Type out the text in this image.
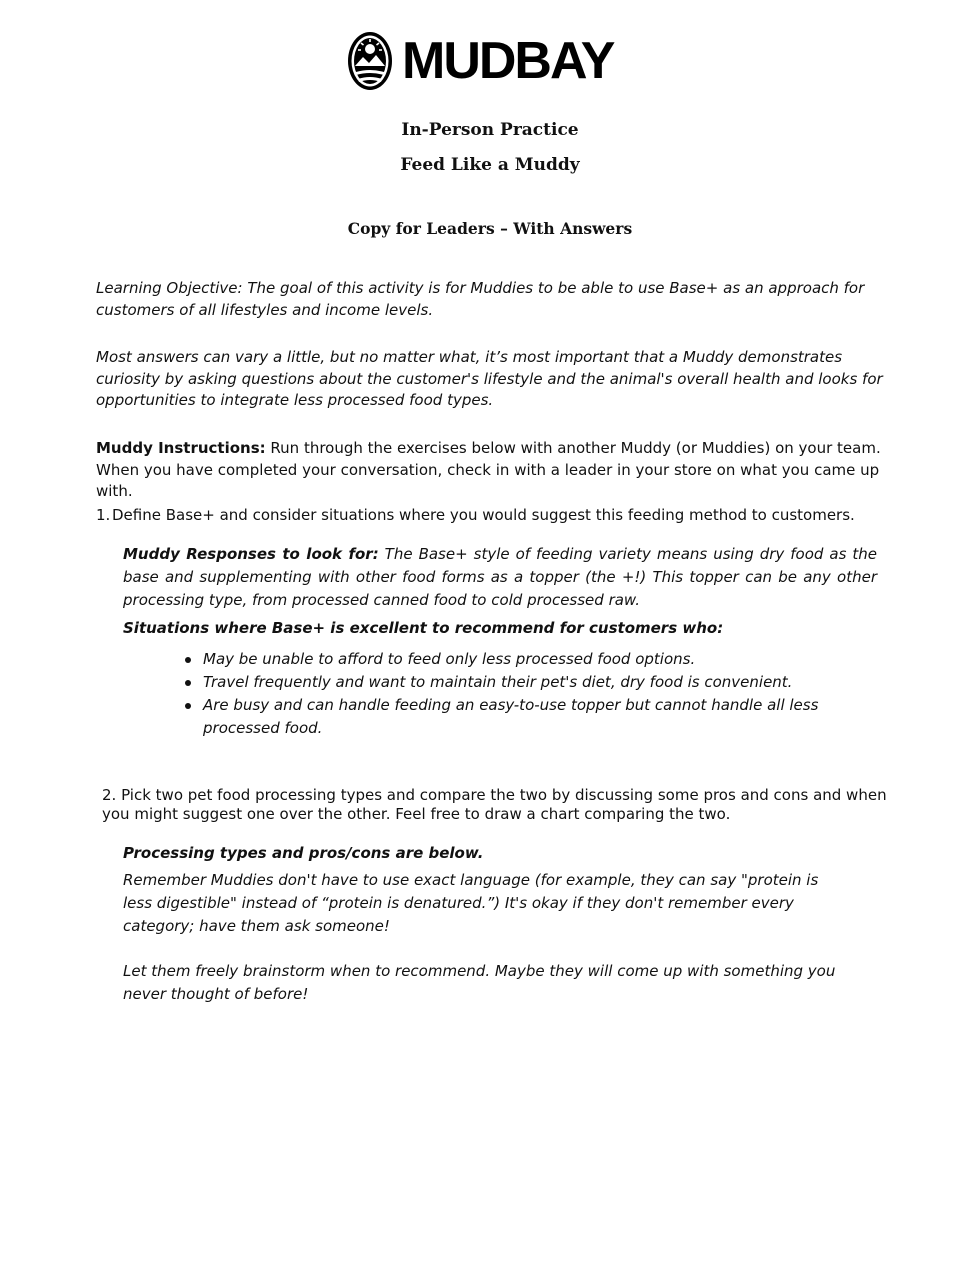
MUDBAY
In-Person Practice
Feed Like a Muddy
Copy for Leaders – With Answers
Learning Objective: The goal of this activity is for Muddies to be able to use Base+ as an approach for customers of all lifestyles and income levels.
Most answers can vary a little, but no matter what, it’s most important that a Muddy demonstrates curiosity by asking questions about the customer's lifestyle and the animal's overall health and looks for opportunities to integrate less processed food types.
Muddy Instructions: Run through the exercises below with another Muddy (or Muddies) on your team. When you have completed your conversation, check in with a leader in your store on what you came up with.
1. Define Base+ and consider situations where you would suggest this feeding method to customers.
Muddy Responses to look for: The Base+ style of feeding variety means using dry food as the base and supplementing with other food forms as a topper (the +!) This topper can be any other processing type, from processed canned food to cold processed raw.
Situations where Base+ is excellent to recommend for customers who:
May be unable to afford to feed only less processed food options.
Travel frequently and want to maintain their pet's diet, dry food is convenient.
Are busy and can handle feeding an easy-to-use topper but cannot handle all less processed food.
2. Pick two pet food processing types and compare the two by discussing some pros and cons and when you might suggest one over the other. Feel free to draw a chart comparing the two.
Processing types and pros/cons are below.
Remember Muddies don't have to use exact language (for example, they can say "protein is less digestible" instead of “protein is denatured.”) It's okay if they don't remember every category; have them ask someone!
Let them freely brainstorm when to recommend. Maybe they will come up with something you never thought of before!
